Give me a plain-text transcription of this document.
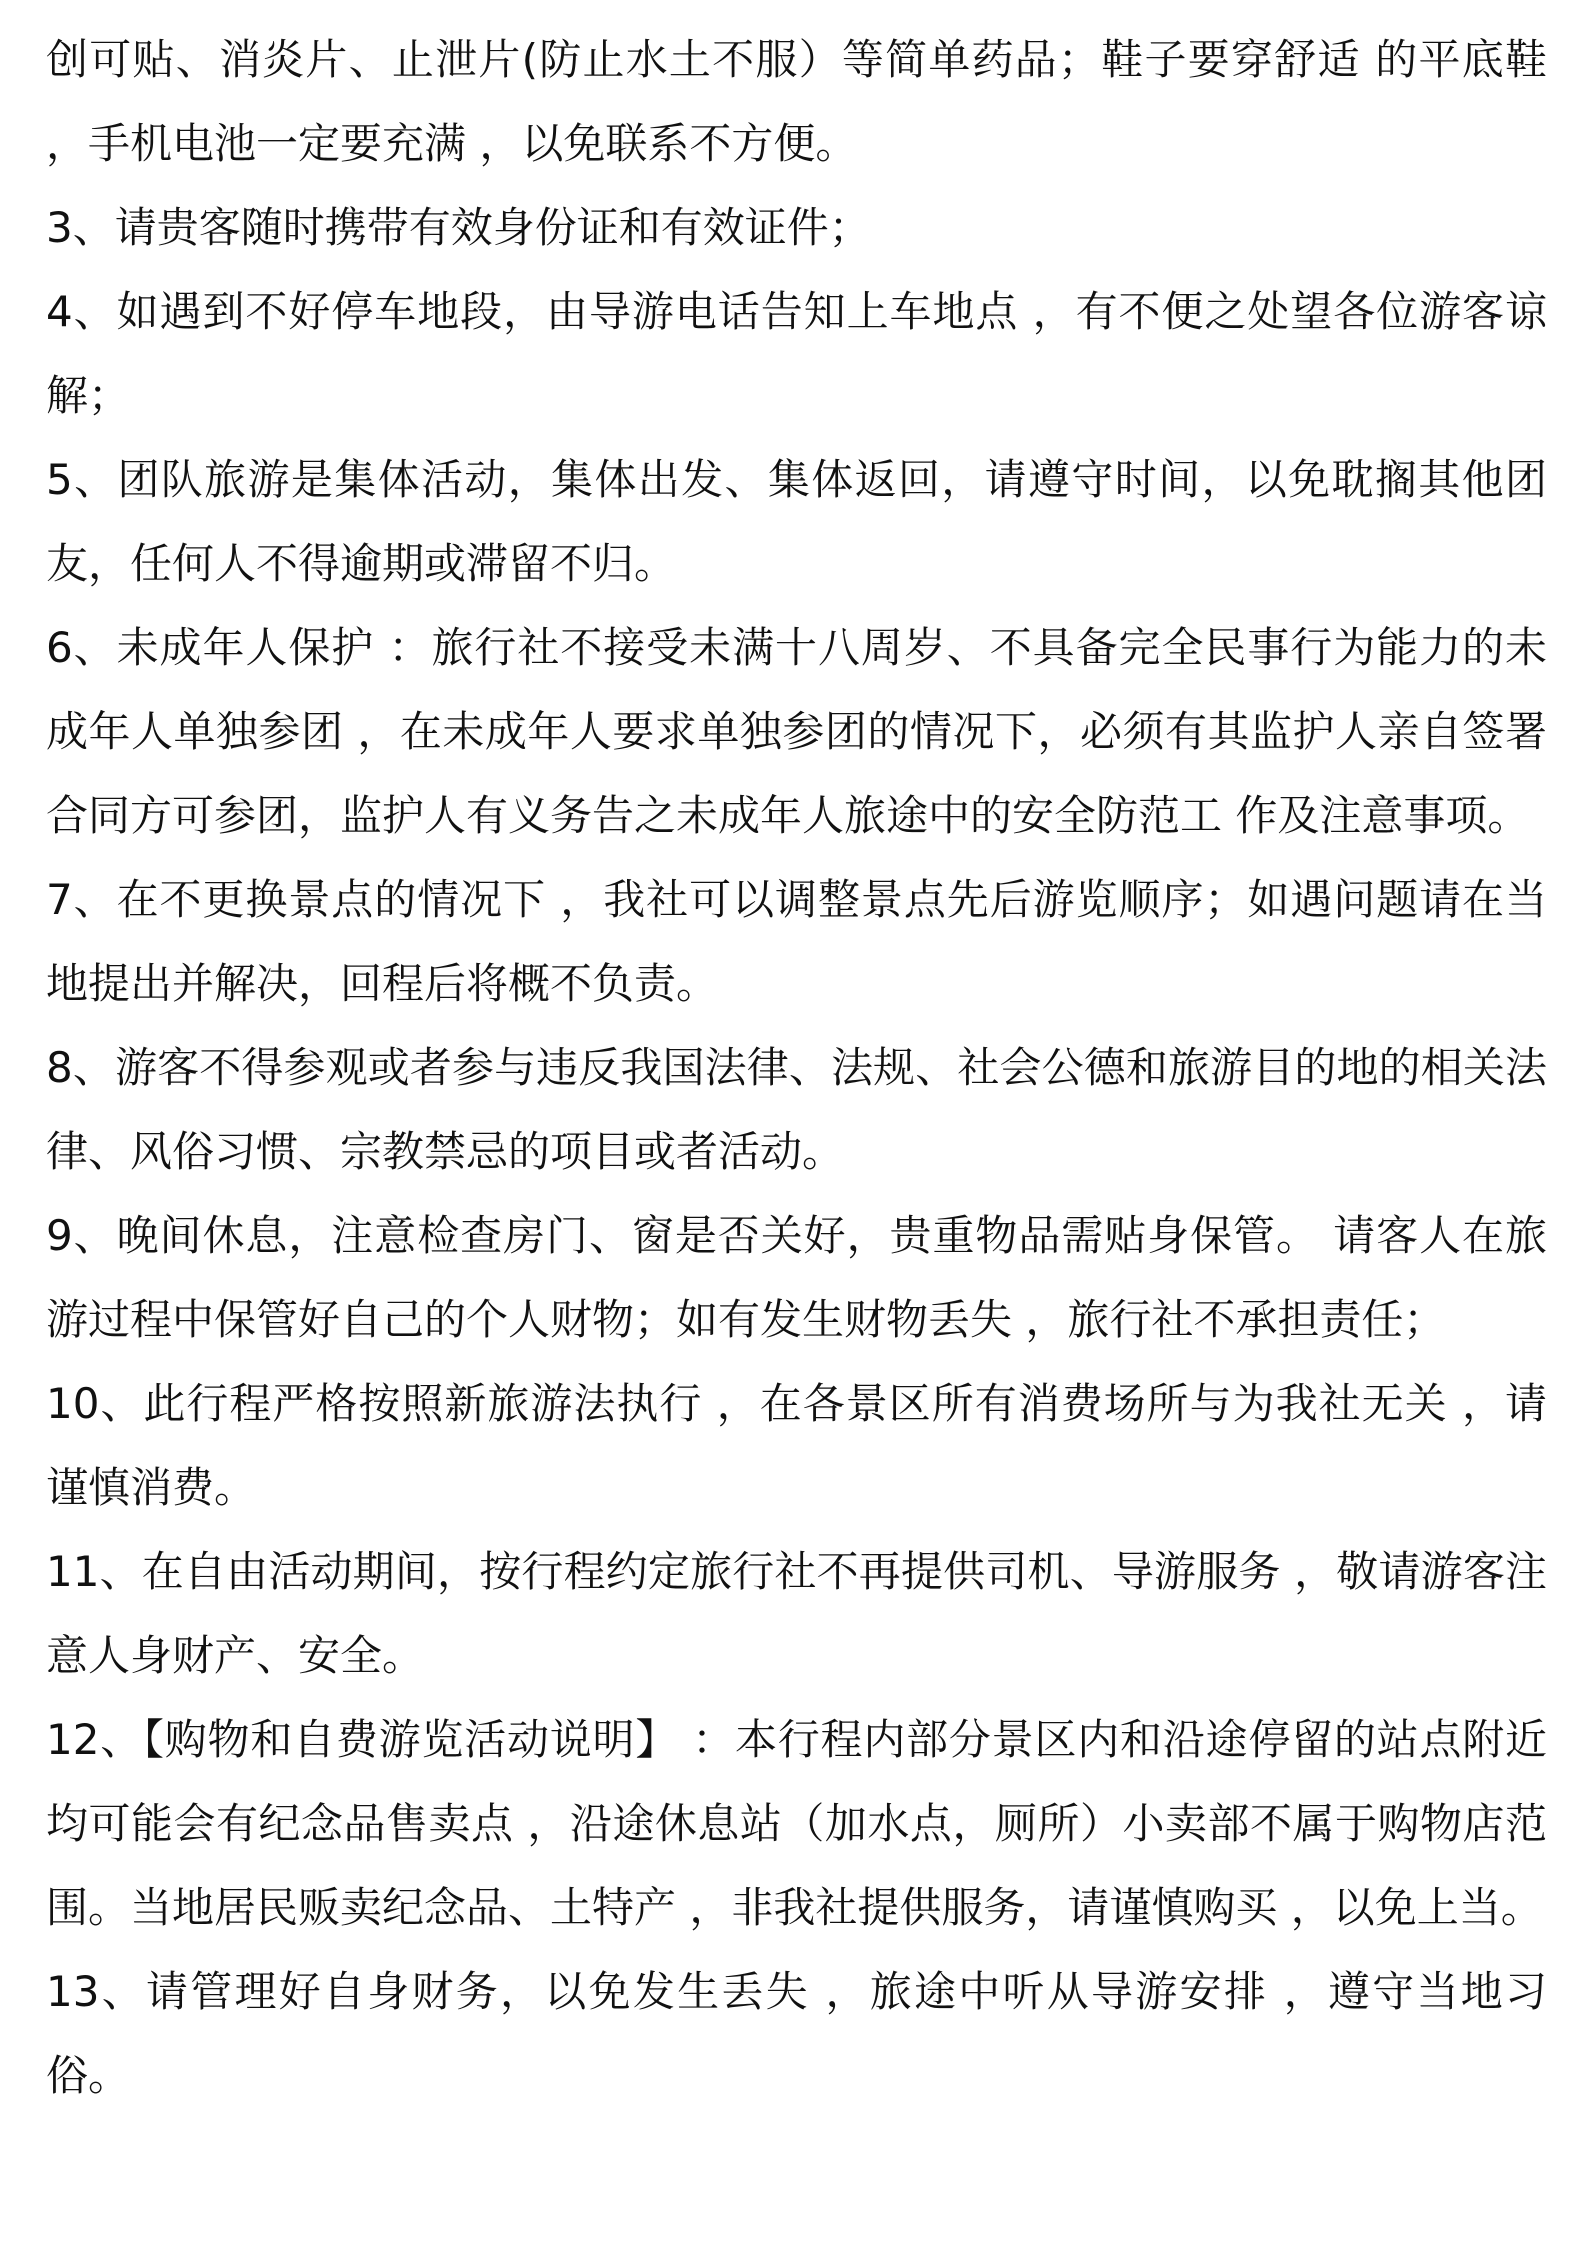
创可贴、消炎片、止泄片(防止水土不服）等简单药品；鞋子要穿舒适 的平底鞋 ，手机电池一定要充满 ，以免联系不方便。

3、请贵客随时携带有效身份证和有效证件；

4、如遇到不好停车地段，由导游电话告知上车地点 ，有不便之处望各位游客谅解；

5、团队旅游是集体活动，集体出发、集体返回，请遵守时间，以免耽搁其他团友，任何人不得逾期或滞留不归。

6、未成年人保护 ：旅行社不接受未满十八周岁、不具备完全民事行为能力的未成年人单独参团 ，在未成年人要求单独参团的情况下，必须有其监护人亲自签署合同方可参团，监护人有义务告之未成年人旅途中的安全防范工 作及注意事项。

7、在不更换景点的情况下 ，我社可以调整景点先后游览顺序；如遇问题请在当地提出并解决，回程后将概不负责。

8、游客不得参观或者参与违反我国法律、法规、社会公德和旅游目的地的相关法律、风俗习惯、宗教禁忌的项目或者活动。

9、晚间休息，注意检查房门、窗是否关好，贵重物品需贴身保管。 请客人在旅游过程中保管好自己的个人财物；如有发生财物丢失 ，旅行社不承担责任；

10、此行程严格按照新旅游法执行 ，在各景区所有消费场所与为我社无关 ，请谨慎消费。

11、在自由活动期间，按行程约定旅行社不再提供司机、导游服务 ，敬请游客注意人身财产、安全。

12、【购物和自费游览活动说明】 ：本行程内部分景区内和沿途停留的站点附近均可能会有纪念品售卖点 ，沿途休息站（加水点，厕所）小卖部不属于购物店范围。当地居民贩卖纪念品、土特产 ，非我社提供服务，请谨慎购买 ，以免上当。

13、请管理好自身财务，以免发生丢失 ，旅途中听从导游安排 ，遵守当地习俗。
